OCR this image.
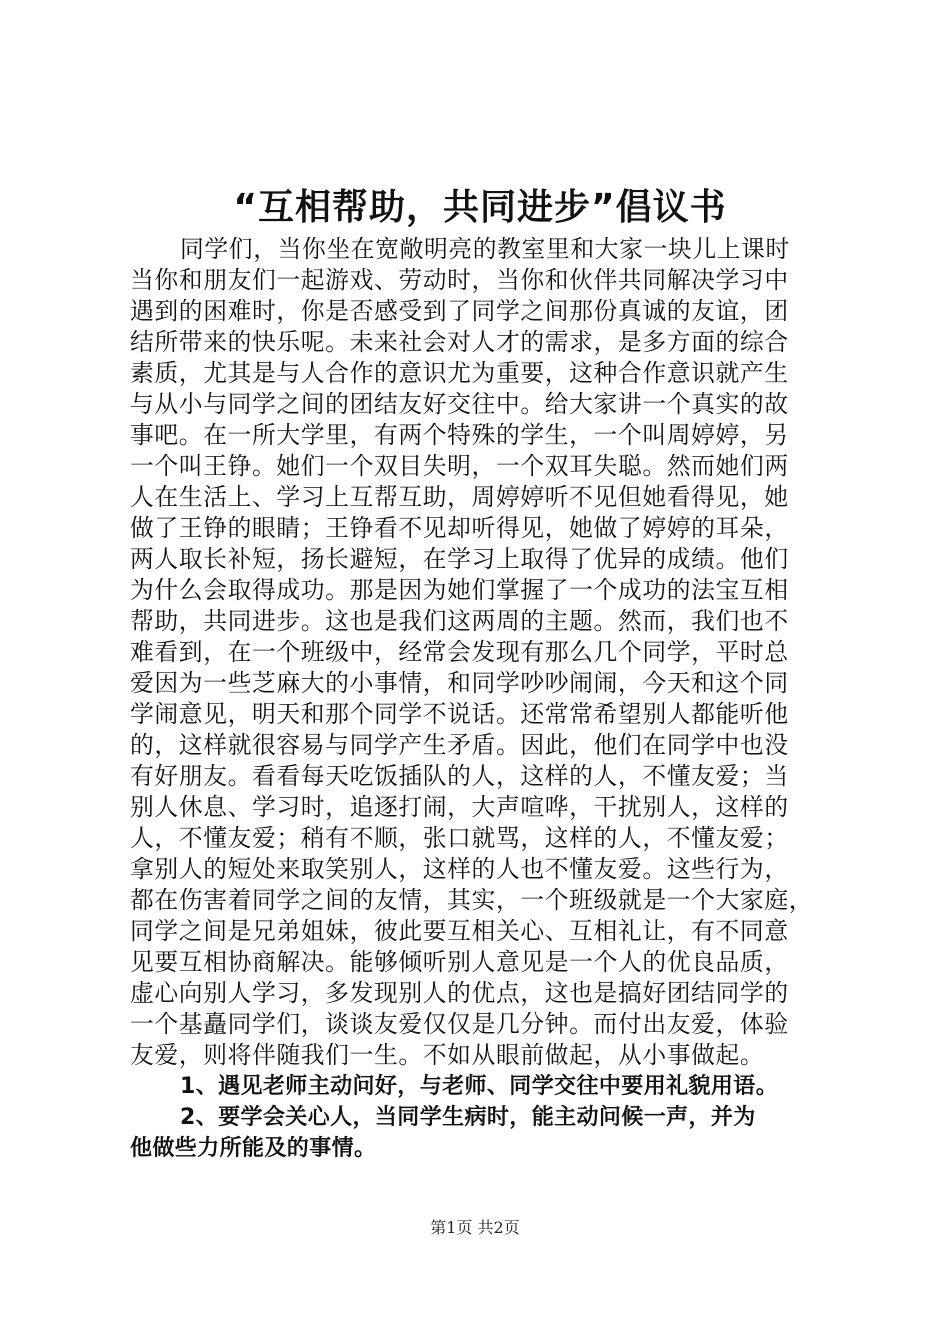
“互相帮助，共同进步”倡议书
同学们，当你坐在宽敞明亮的教室里和大家一块儿上课时
当你和朋友们一起游戏、劳动时，当你和伙伴共同解决学习中
遇到的困难时，你是否感受到了同学之间那份真诚的友谊，团
结所带来的快乐呢。未来社会对人才的需求，是多方面的综合
素质，尤其是与人合作的意识尤为重要，这种合作意识就产生
与从小与同学之间的团结友好交往中。给大家讲一个真实的故
事吧。在一所大学里，有两个特殊的学生，一个叫周婷婷，另
一个叫王铮。她们一个双目失明，一个双耳失聪。然而她们两
人在生活上、学习上互帮互助，周婷婷听不见但她看得见，她
做了王铮的眼睛；王铮看不见却听得见，她做了婷婷的耳朵，
两人取长补短，扬长避短，在学习上取得了优异的成绩。他们
为什么会取得成功。那是因为她们掌握了一个成功的法宝互相
帮助，共同进步。这也是我们这两周的主题。然而，我们也不
难看到，在一个班级中，经常会发现有那么几个同学，平时总
爱因为一些芝麻大的小事情，和同学吵吵闹闹，今天和这个同
学闹意见，明天和那个同学不说话。还常常希望别人都能听他
的，这样就很容易与同学产生矛盾。因此，他们在同学中也没
有好朋友。看看每天吃饭插队的人，这样的人，不懂友爱；当
别人休息、学习时，追逐打闹，大声喧哗，干扰别人，这样的
人，不懂友爱；稍有不顺，张口就骂，这样的人，不懂友爱；
拿别人的短处来取笑别人，这样的人也不懂友爱。这些行为，
都在伤害着同学之间的友情，其实，一个班级就是一个大家庭，
同学之间是兄弟姐妹，彼此要互相关心、互相礼让，有不同意
见要互相协商解决。能够倾听别人意见是一个人的优良品质，
虚心向别人学习，多发现别人的优点，这也是搞好团结同学的
一个基矗同学们，谈谈友爱仅仅是几分钟。而付出友爱，体验
友爱，则将伴随我们一生。不如从眼前做起，从小事做起。
1、遇见老师主动问好，与老师、同学交往中要用礼貌用语。
2、要学会关心人，当同学生病时，能主动问候一声，并为
他做些力所能及的事情。
第1页 共2页
